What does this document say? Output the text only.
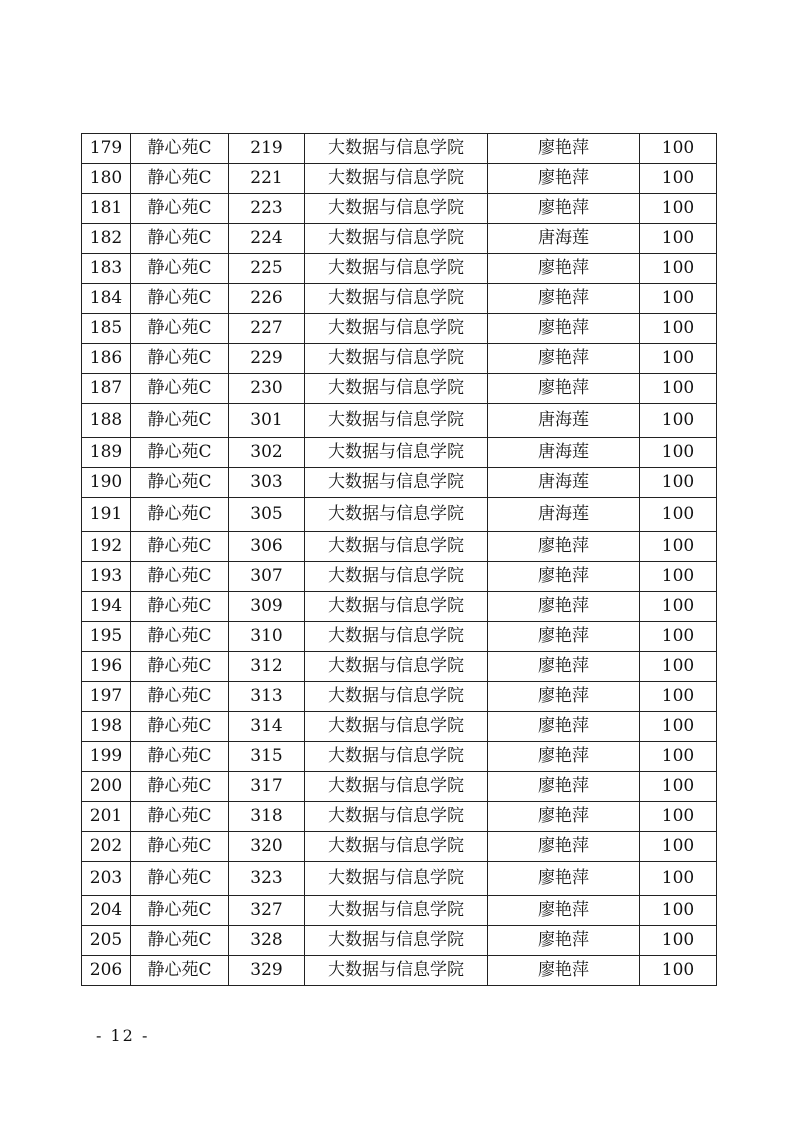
179	静心苑C	219	大数据与信息学院	廖艳萍	100
180	静心苑C	221	大数据与信息学院	廖艳萍	100
181	静心苑C	223	大数据与信息学院	廖艳萍	100
182	静心苑C	224	大数据与信息学院	唐海莲	100
183	静心苑C	225	大数据与信息学院	廖艳萍	100
184	静心苑C	226	大数据与信息学院	廖艳萍	100
185	静心苑C	227	大数据与信息学院	廖艳萍	100
186	静心苑C	229	大数据与信息学院	廖艳萍	100
187	静心苑C	230	大数据与信息学院	廖艳萍	100
188	静心苑C	301	大数据与信息学院	唐海莲	100
189	静心苑C	302	大数据与信息学院	唐海莲	100
190	静心苑C	303	大数据与信息学院	唐海莲	100
191	静心苑C	305	大数据与信息学院	唐海莲	100
192	静心苑C	306	大数据与信息学院	廖艳萍	100
193	静心苑C	307	大数据与信息学院	廖艳萍	100
194	静心苑C	309	大数据与信息学院	廖艳萍	100
195	静心苑C	310	大数据与信息学院	廖艳萍	100
196	静心苑C	312	大数据与信息学院	廖艳萍	100
197	静心苑C	313	大数据与信息学院	廖艳萍	100
198	静心苑C	314	大数据与信息学院	廖艳萍	100
199	静心苑C	315	大数据与信息学院	廖艳萍	100
200	静心苑C	317	大数据与信息学院	廖艳萍	100
201	静心苑C	318	大数据与信息学院	廖艳萍	100
202	静心苑C	320	大数据与信息学院	廖艳萍	100
203	静心苑C	323	大数据与信息学院	廖艳萍	100
204	静心苑C	327	大数据与信息学院	廖艳萍	100
205	静心苑C	328	大数据与信息学院	廖艳萍	100
206	静心苑C	329	大数据与信息学院	廖艳萍	100
- 12 -
